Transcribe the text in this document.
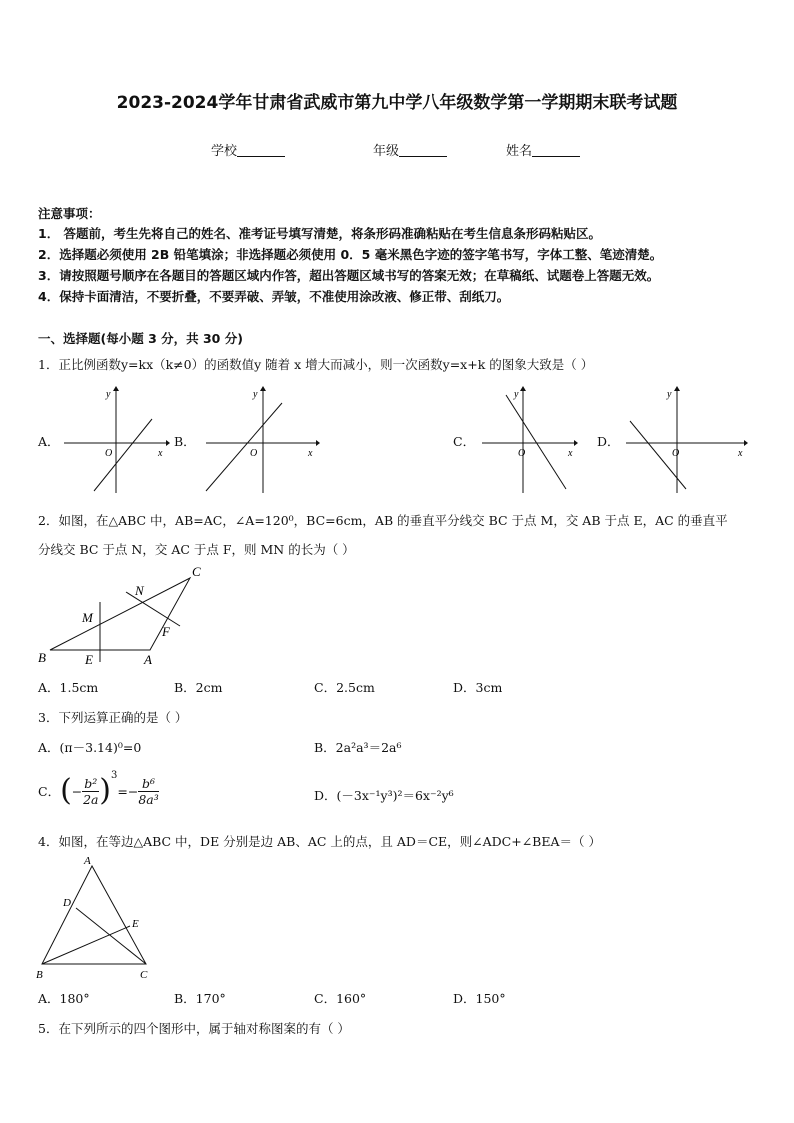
2023-2024学年甘肃省武威市第九中学八年级数学第一学期期末联考试题
学校	年级	姓名
注意事项：
1． 答题前，考生先将自己的姓名、准考证号填写清楚，将条形码准确粘贴在考生信息条形码粘贴区。
2．选择题必须使用 2B 铅笔填涂；非选择题必须使用 0．5 毫米黑色字迹的签字笔书写，字体工整、笔迹清楚。
3．请按照题号顺序在各题目的答题区域内作答，超出答题区域书写的答案无效；在草稿纸、试题卷上答题无效。
4．保持卡面清洁，不要折叠，不要弄破、弄皱，不准使用涂改液、修正带、刮纸刀。
一、选择题(每小题 3 分，共 30 分)
1．正比例函数y=kx（k≠0）的函数值y 随着 x 增大而减小，则一次函数y=x+k 的图象大致是（ ）
A．	B．	C．	D．
y
O	x
y
O	x
y
O	x
y
O	x
2．如图，在△ABC 中，AB=AC，∠A=120⁰，BC=6cm，AB 的垂直平分线交 BC 于点 M，交 AB 于点 E，AC 的垂直平
分线交 BC 于点 N，交 AC 于点 F，则 MN 的长为（ ）
B	E	A
M
N
C
F
A．1.5cm	B．2cm	C．2.5cm	D．3cm
3．下列运算正确的是（ ）
A．(π－3.14)⁰=0	B．2a²a³＝2a⁶
C． ( − $\frac{\text{b²}}{2a} )^3$
=− $\frac{\text{b⁶}}{\text{8a³}}$	D．(－3x⁻¹y³)²＝6x⁻²y⁶
4．如图，在等边△ABC 中，DE 分别是边 AB、AC 上的点，且 AD＝CE，则∠ADC+∠BEA＝（ ）
A
B	C
D
E
A．180°	B．170°	C．160°	D．150°
5．在下列所示的四个图形中，属于轴对称图案的有（ ）
